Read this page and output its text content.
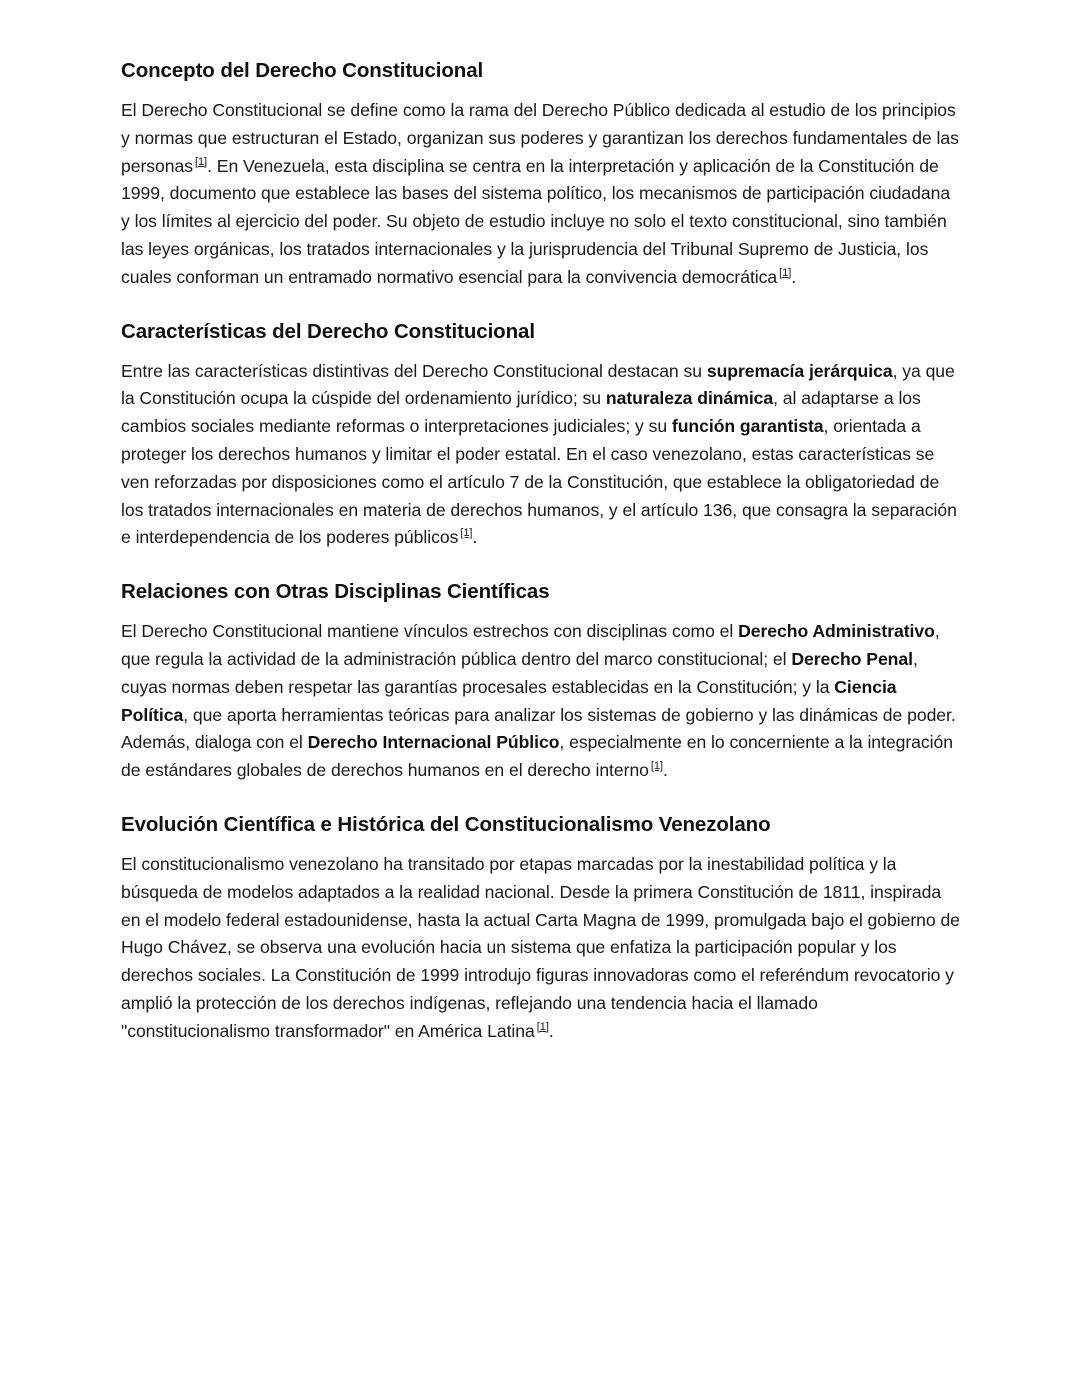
Concepto del Derecho Constitucional

El Derecho Constitucional se define como la rama del Derecho Público dedicada al estudio de los principios y normas que estructuran el Estado, organizan sus poderes y garantizan los derechos fundamentales de las personas [1]. En Venezuela, esta disciplina se centra en la interpretación y aplicación de la Constitución de 1999, documento que establece las bases del sistema político, los mecanismos de participación ciudadana y los límites al ejercicio del poder. Su objeto de estudio incluye no solo el texto constitucional, sino también las leyes orgánicas, los tratados internacionales y la jurisprudencia del Tribunal Supremo de Justicia, los cuales conforman un entramado normativo esencial para la convivencia democrática [1].

Características del Derecho Constitucional

Entre las características distintivas del Derecho Constitucional destacan su supremacía jerárquica, ya que la Constitución ocupa la cúspide del ordenamiento jurídico; su naturaleza dinámica, al adaptarse a los cambios sociales mediante reformas o interpretaciones judiciales; y su función garantista, orientada a proteger los derechos humanos y limitar el poder estatal. En el caso venezolano, estas características se ven reforzadas por disposiciones como el artículo 7 de la Constitución, que establece la obligatoriedad de los tratados internacionales en materia de derechos humanos, y el artículo 136, que consagra la separación e interdependencia de los poderes públicos [1].

Relaciones con Otras Disciplinas Científicas

El Derecho Constitucional mantiene vínculos estrechos con disciplinas como el Derecho Administrativo, que regula la actividad de la administración pública dentro del marco constitucional; el Derecho Penal, cuyas normas deben respetar las garantías procesales establecidas en la Constitución; y la Ciencia Política, que aporta herramientas teóricas para analizar los sistemas de gobierno y las dinámicas de poder. Además, dialoga con el Derecho Internacional Público, especialmente en lo concerniente a la integración de estándares globales de derechos humanos en el derecho interno [1].

Evolución Científica e Histórica del Constitucionalismo Venezolano

El constitucionalismo venezolano ha transitado por etapas marcadas por la inestabilidad política y la búsqueda de modelos adaptados a la realidad nacional. Desde la primera Constitución de 1811, inspirada en el modelo federal estadounidense, hasta la actual Carta Magna de 1999, promulgada bajo el gobierno de Hugo Chávez, se observa una evolución hacia un sistema que enfatiza la participación popular y los derechos sociales. La Constitución de 1999 introdujo figuras innovadoras como el referéndum revocatorio y amplió la protección de los derechos indígenas, reflejando una tendencia hacia el llamado "constitucionalismo transformador" en América Latina [1].
